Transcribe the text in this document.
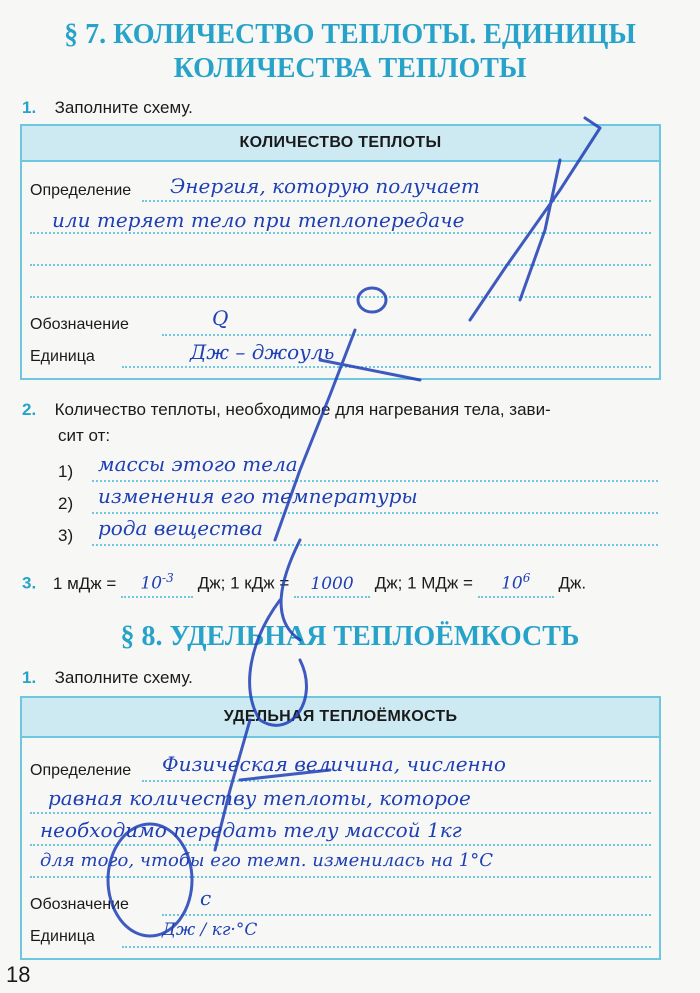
§ 7. КОЛИЧЕСТВО ТЕПЛОТЫ. ЕДИНИЦЫ
КОЛИЧЕСТВА ТЕПЛОТЫ
1. Заполните схему.
КОЛИЧЕСТВО ТЕПЛОТЫ
Определение Энергия, которую получает
или теряет тело при теплопередаче
Обозначение	Q
Единица	Дж – джоуль
2. Количество теплоты, необходимое для нагревания тела, зави-
сит от:
1) массы этого тела
2) изменения его температуры
3) рода вещества
3. 1 мДж = $10^{-3}$ Дж; 1 кДж = 1000 Дж; 1 МДж = $10^6$ Дж.
§ 8. УДЕЛЬНАЯ ТЕПЛОЁМКОСТЬ
1. Заполните схему.
УДЕЛЬНАЯ ТЕПЛОЁМКОСТЬ
Определение Физическая величина, численно
равная количеству теплоты, которое
необходимо передать телу массой 1кг
для того, чтобы его темп. изменилась на 1°С
Обозначение	c
Единица	Дж / кг·°С
18
